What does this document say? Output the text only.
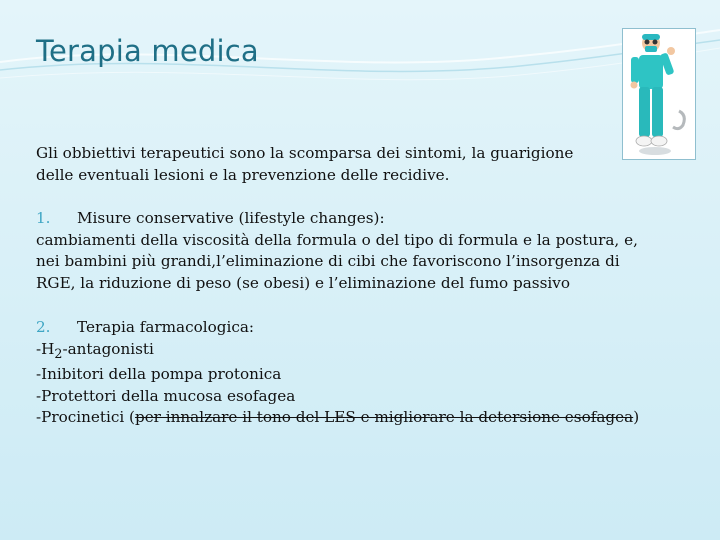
Terapia medica
Gli obbiettivi terapeutici sono la scomparsa dei sintomi, la guarigione delle eventuali lesioni e la prevenzione delle recidive.
1. Misure conservative (lifestyle changes):
cambiamenti della viscosità della formula o del tipo di formula e la postura, e, nei bambini più grandi,l’eliminazione di cibi che favoriscono l’insorgenza di RGE, la riduzione di peso (se obesi) e l’eliminazione del fumo passivo
2. Terapia farmacologica:
$-H_2$-antagonisti
-Inibitori della pompa protonica
-Protettori della mucosa esofagea
-Procinetici (per innalzare il tono del LES e migliorare la detersione esofagea)
